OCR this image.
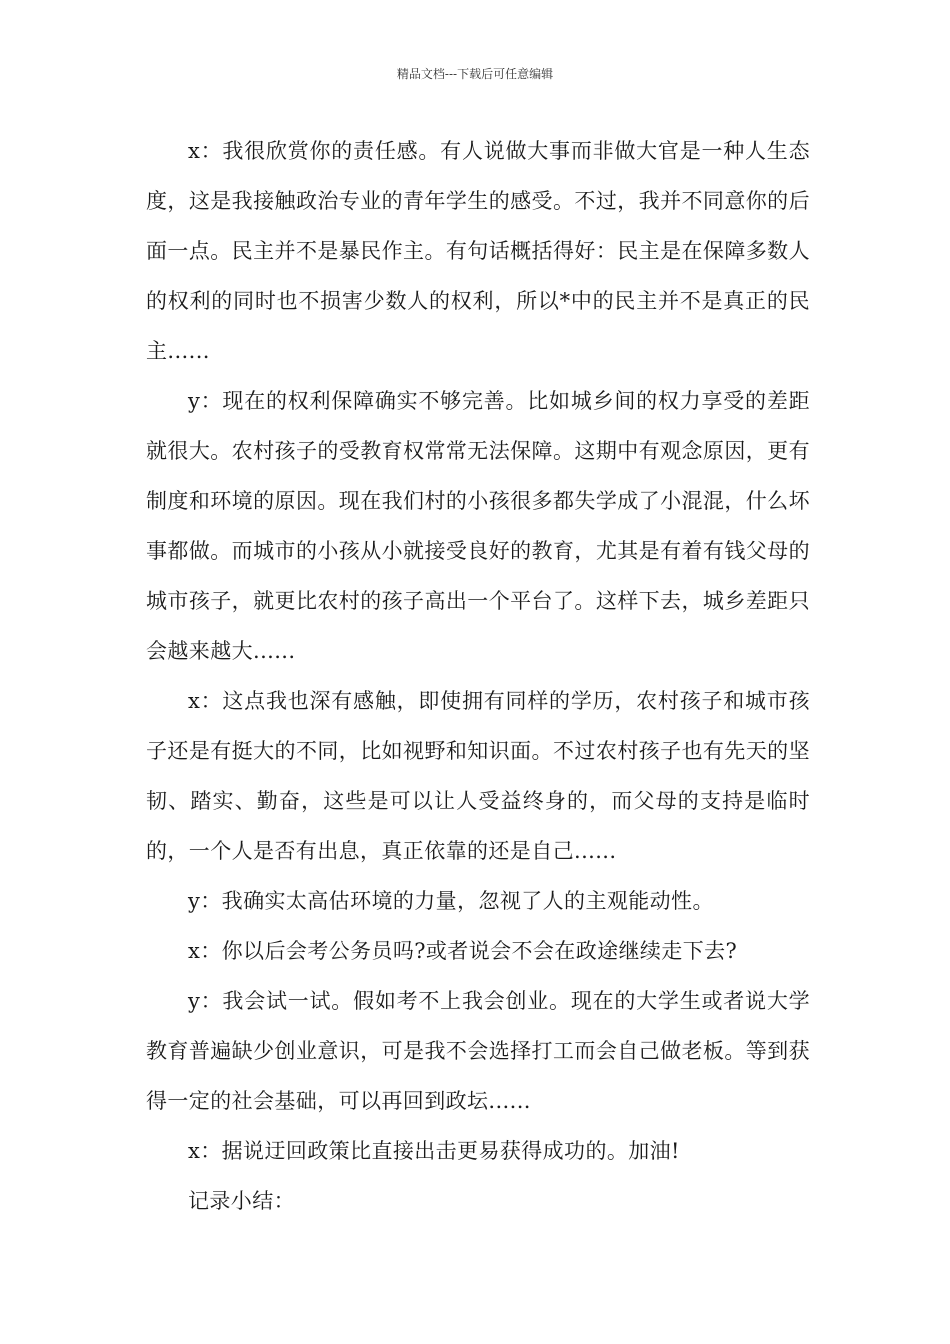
精品文档---下载后可任意编辑

x：我很欣赏你的责任感。有人说做大事而非做大官是一种人生态度，这是我接触政治专业的青年学生的感受。不过，我并不同意你的后面一点。民主并不是暴民作主。有句话概括得好：民主是在保障多数人的权利的同时也不损害少数人的权利，所以*中的民主并不是真正的民主......

y：现在的权利保障确实不够完善。比如城乡间的权力享受的差距就很大。农村孩子的受教育权常常无法保障。这期中有观念原因，更有制度和环境的原因。现在我们村的小孩很多都失学成了小混混，什么坏事都做。而城市的小孩从小就接受良好的教育，尤其是有着有钱父母的城市孩子，就更比农村的孩子高出一个平台了。这样下去，城乡差距只会越来越大......

x：这点我也深有感触，即使拥有同样的学历，农村孩子和城市孩子还是有挺大的不同，比如视野和知识面。不过农村孩子也有先天的坚韧、踏实、勤奋，这些是可以让人受益终身的，而父母的支持是临时的，一个人是否有出息，真正依靠的还是自己......

y：我确实太高估环境的力量，忽视了人的主观能动性。

x：你以后会考公务员吗?或者说会不会在政途继续走下去?

y：我会试一试。假如考不上我会创业。现在的大学生或者说大学教育普遍缺少创业意识，可是我不会选择打工而会自己做老板。等到获得一定的社会基础，可以再回到政坛......

x：据说迂回政策比直接出击更易获得成功的。加油!

记录小结：
